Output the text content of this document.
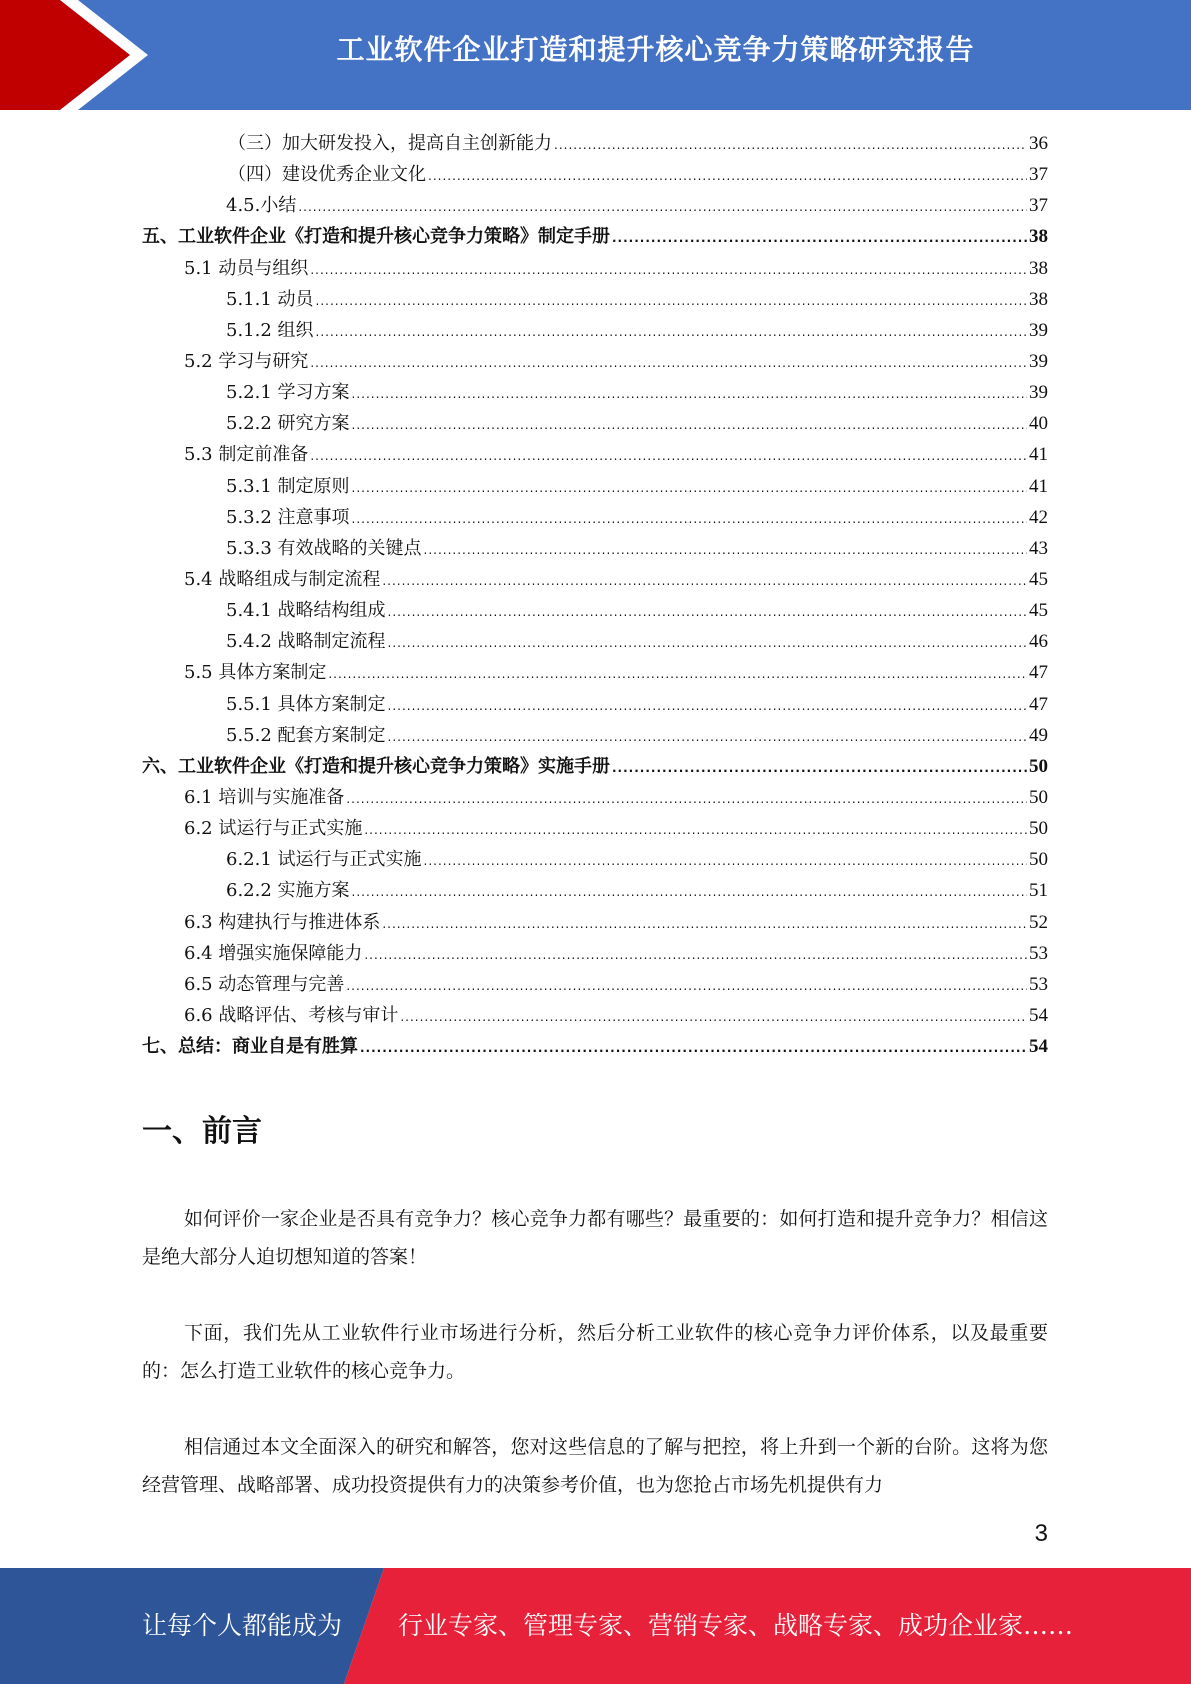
工业软件企业打造和提升核心竞争力策略研究报告
（三）加大研发投入，提高自主创新能力 .....	36
（四）建设优秀企业文化 .....	37
4.5.小结 .....	37
五、工业软件企业《打造和提升核心竞争力策略》制定手册 .....	38
5.1 动员与组织 .....	38
5.1.1 动员 .....	38
5.1.2 组织 .....	39
5.2 学习与研究 .....	39
5.2.1 学习方案 .....	39
5.2.2 研究方案 .....	40
5.3 制定前准备 .....	41
5.3.1 制定原则 .....	41
5.3.2 注意事项 .....	42
5.3.3 有效战略的关键点 .....	43
5.4 战略组成与制定流程 .....	45
5.4.1 战略结构组成 .....	45
5.4.2 战略制定流程 .....	46
5.5 具体方案制定 .....	47
5.5.1 具体方案制定 .....	47
5.5.2 配套方案制定 .....	49
六、工业软件企业《打造和提升核心竞争力策略》实施手册 .....	50
6.1 培训与实施准备 .....	50
6.2 试运行与正式实施 .....	50
6.2.1 试运行与正式实施 .....	50
6.2.2 实施方案 .....	51
6.3 构建执行与推进体系 .....	52
6.4 增强实施保障能力 .....	53
6.5 动态管理与完善 .....	53
6.6 战略评估、考核与审计 .....	54
七、总结：商业自是有胜算 .....	54
一、前言

如何评价一家企业是否具有竞争力？核心竞争力都有哪些？最重要的：如何打造和提升竞争力？相信这是绝大部分人迫切想知道的答案！

下面，我们先从工业软件行业市场进行分析，然后分析工业软件的核心竞争力评价体系，以及最重要的：怎么打造工业软件的核心竞争力。

相信通过本文全面深入的研究和解答，您对这些信息的了解与把控，将上升到一个新的台阶。这将为您经营管理、战略部署、成功投资提供有力的决策参考价值，也为您抢占市场先机提供有力

3
让每个人都能成为 行业专家、管理专家、营销专家、战略专家、成功企业家……
